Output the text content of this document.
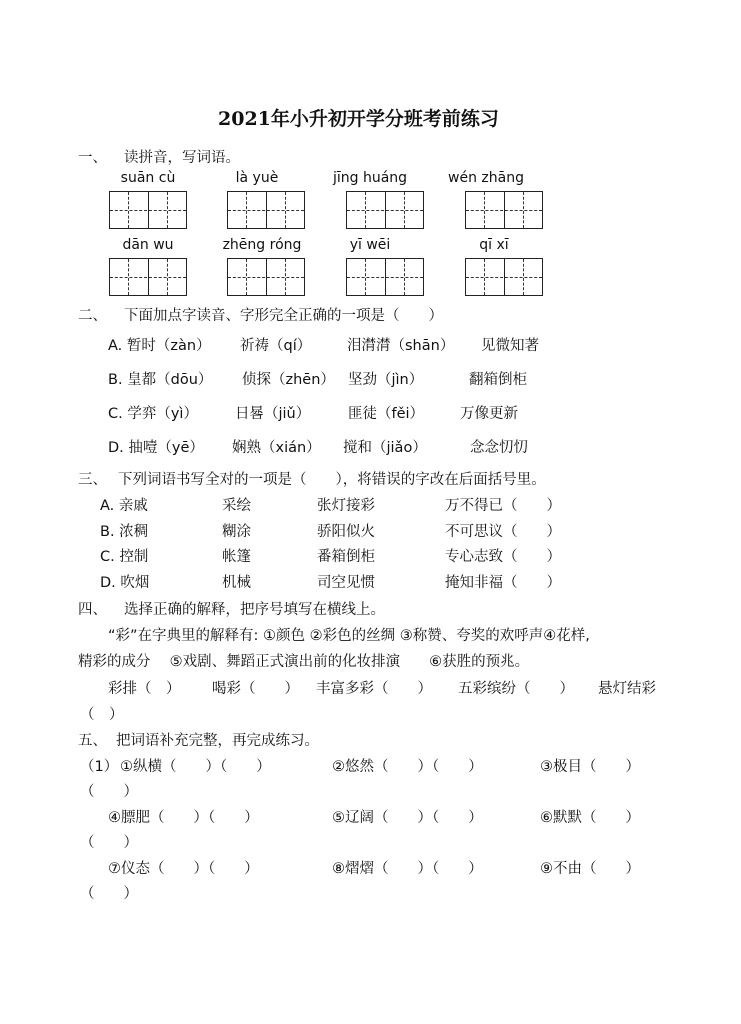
2021年小升初开学分班考前练习
一、 读拼音，写词语。
suān cù	là yuè	jīng huáng	wén zhāng
dān wu	zhēng róng	yī wēi	qī xī
二、 下面加点字读音、字形完全正确的一项是（　　）
A. 暂时（zàn） 祈祷（qí） 泪潸潸（shān） 见微知著
B. 皇都（dōu） 侦探（zhēn） 坚劲（jìn）	翻箱倒柜
C. 学弈（yì）	日晷（jiǔ）	匪徒（fěi） 万像更新
D. 抽噎（yē） 娴熟（xián） 搅和（jiǎo）	念念忉忉
三、 下列词语书写全对的一项是（　　），将错误的字改在后面括号里。
A. 亲戚	采绘	张灯接彩	万不得已（　　）
B. 浓稠	糊涂	骄阳似火	不可思议（　　）
C. 控制	帐篷	番箱倒柜	专心志致（　　）
D. 吹烟	机械	司空见惯	掩知非福（　　）
四、 选择正确的解释，把序号填写在横线上。
“彩”在字典里的解释有: ①颜色 ②彩色的丝绸 ③称赞、夸奖的欢呼声④花样,
精彩的成分　 ⑤戏剧、舞蹈正式演出前的化妆排演　　⑥获胜的预兆。
彩排（　） 喝彩（　　） 丰富多彩（　　） 五彩缤纷（　　） 悬灯结彩
（　）
五、 把词语补充完整，再完成练习。
（1） ①纵横（　　）（　　）	②悠然（　　）（　　）	③极目（　　）
（　　）
④膘肥（　　）（　　）	⑤辽阔（　　）（　　）	⑥默默（　　）
（　　）
⑦仪态（　　）（　　）	⑧熠熠（　　）（　　）	⑨不由（　　）
（　　）
